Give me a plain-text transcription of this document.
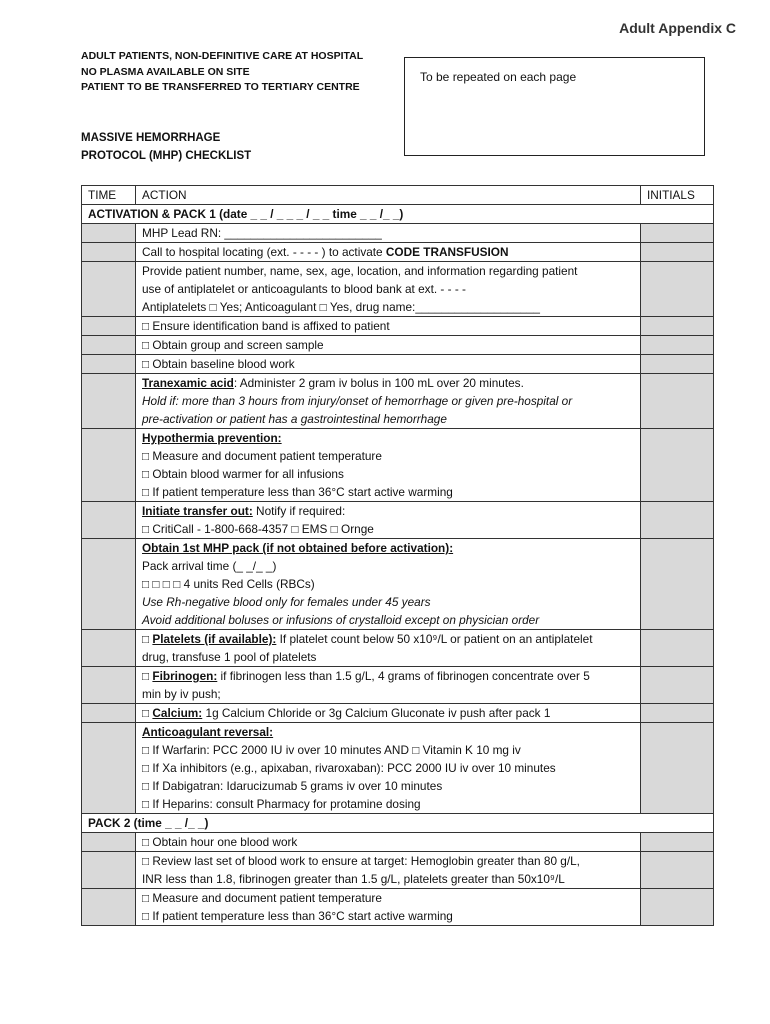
Adult Appendix C
ADULT PATIENTS, NON-DEFINITIVE CARE AT HOSPITAL
NO PLASMA AVAILABLE ON SITE
PATIENT TO BE TRANSFERRED TO TERTIARY CENTRE
To be repeated on each page
MASSIVE HEMORRHAGE
PROTOCOL (MHP) CHECKLIST
TIME	ACTION	INITIALS
ACTIVATION & PACK 1 (date _ _ / _ _ _ / _ _ time _ _ /_ _)		
	MHP Lead RN: ________________________	
	Call to hospital locating (ext. - - - - ) to activate CODE TRANSFUSION	

	Provide patient number, name, sex, age, location, and information regarding patient
use of antiplatelet or anticoagulants to blood bank at ext. - - - -
Antiplatelets □ Yes; Anticoagulant □ Yes, drug name:___________________	

	□ Ensure identification band is affixed to patient	
	□ Obtain group and screen sample	
	□ Obtain baseline blood work	

	Tranexamic acid: Administer 2 gram iv bolus in 100 mL over 20 minutes.
Hold if: more than 3 hours from injury/onset of hemorrhage or given pre-hospital or
pre-activation or patient has a gastrointestinal hemorrhage	

	Hypothermia prevention:
□ Measure and document patient temperature
□ Obtain blood warmer for all infusions
□ If patient temperature less than 36°C start active warming	

	Initiate transfer out: Notify if required:
□ CritiCall - 1-800-668-4357 □ EMS □ Ornge	

	Obtain 1st MHP pack (if not obtained before activation):
Pack arrival time (_ _/_ _)
□ □ □ □ 4 units Red Cells (RBCs)
Use Rh-negative blood only for females under 45 years
Avoid additional boluses or infusions of crystalloid except on physician order	

	□ Platelets (if available): If platelet count below 50 x10⁹/L or patient on an antiplatelet
drug, transfuse 1 pool of platelets	

	□ Fibrinogen: if fibrinogen less than 1.5 g/L, 4 grams of fibrinogen concentrate over 5
min by iv push;	

	□ Calcium: 1g Calcium Chloride or 3g Calcium Gluconate iv push after pack 1	

	Anticoagulant reversal:
□ If Warfarin: PCC 2000 IU iv over 10 minutes AND □ Vitamin K 10 mg iv
□ If Xa inhibitors (e.g., apixaban, rivaroxaban): PCC 2000 IU iv over 10 minutes
□ If Dabigatran: Idarucizumab 5 grams iv over 10 minutes
□ If Heparins: consult Pharmacy for protamine dosing	

PACK 2 (time _ _ /_ _)		
	□ Obtain hour one blood work	

	□ Review last set of blood work to ensure at target: Hemoglobin greater than 80 g/L,
INR less than 1.8, fibrinogen greater than 1.5 g/L, platelets greater than 50x10⁹/L	

	□ Measure and document patient temperature
□ If patient temperature less than 36°C start active warming	
